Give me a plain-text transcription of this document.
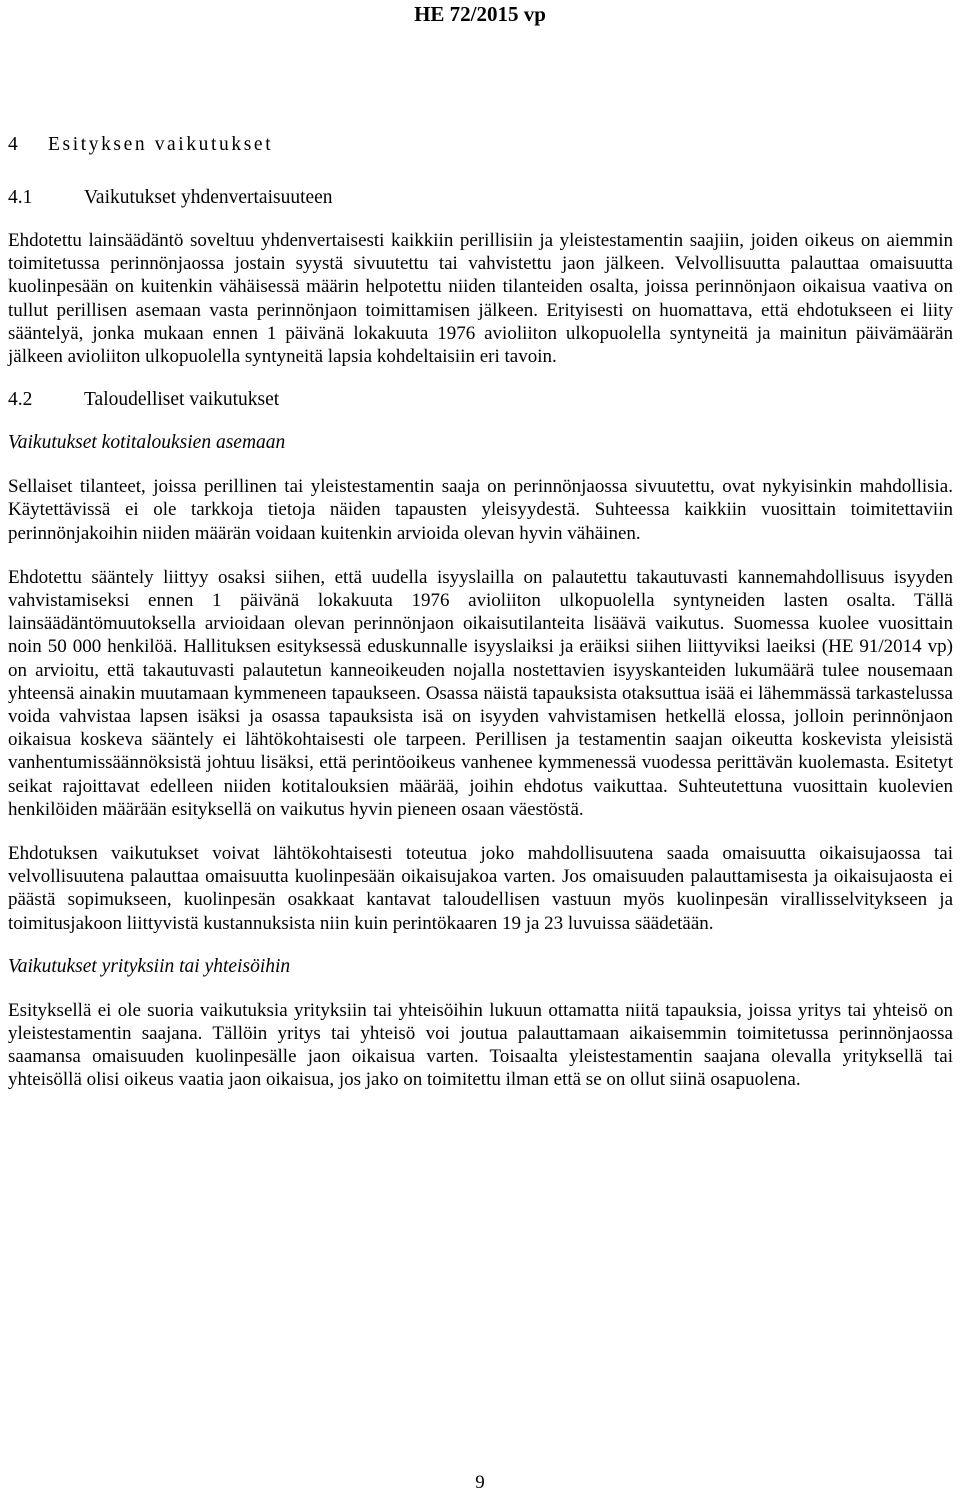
HE 72/2015 vp
4 Esityksen vaikutukset
4.1	Vaikutukset yhdenvertaisuuteen

Ehdotettu lainsäädäntö soveltuu yhdenvertaisesti kaikkiin perillisiin ja yleistestamentin saajiin, joiden oikeus on aiemmin toimitetussa perinnönjaossa jostain syystä sivuutettu tai vahvistettu jaon jälkeen. Velvollisuutta palauttaa omaisuutta kuolinpesään on kuitenkin vähäisessä määrin helpotettu niiden tilanteiden osalta, joissa perinnönjaon oikaisua vaativa on tullut perillisen asemaan vasta perinnönjaon toimittamisen jälkeen. Erityisesti on huomattava, että ehdotukseen ei liity sääntelyä, jonka mukaan ennen 1 päivänä lokakuuta 1976 avioliiton ulkopuolella syntyneitä ja mainitun päivämäärän jälkeen avioliiton ulkopuolella syntyneitä lapsia kohdeltaisiin eri tavoin.

4.2	Taloudelliset vaikutukset
Vaikutukset kotitalouksien asemaan

Sellaiset tilanteet, joissa perillinen tai yleistestamentin saaja on perinnönjaossa sivuutettu, ovat nykyisinkin mahdollisia. Käytettävissä ei ole tarkkoja tietoja näiden tapausten yleisyydestä. Suhteessa kaikkiin vuosittain toimitettaviin perinnönjakoihin niiden määrän voidaan kuitenkin arvioida olevan hyvin vähäinen.

Ehdotettu sääntely liittyy osaksi siihen, että uudella isyyslailla on palautettu takautuvasti kannemahdollisuus isyyden vahvistamiseksi ennen 1 päivänä lokakuuta 1976 avioliiton ulkopuolella syntyneiden lasten osalta. Tällä lainsäädäntömuutoksella arvioidaan olevan perinnönjaon oikaisutilanteita lisäävä vaikutus. Suomessa kuolee vuosittain noin 50 000 henkilöä. Hallituksen esityksessä eduskunnalle isyyslaiksi ja eräiksi siihen liittyviksi laeiksi (HE 91/2014 vp) on arvioitu, että takautuvasti palautetun kanneoikeuden nojalla nostettavien isyyskanteiden lukumäärä tulee nousemaan yhteensä ainakin muutamaan kymmeneen tapaukseen. Osassa näistä tapauksista otaksuttua isää ei lähemmässä tarkastelussa voida vahvistaa lapsen isäksi ja osassa tapauksista isä on isyyden vahvistamisen hetkellä elossa, jolloin perinnönjaon oikaisua koskeva sääntely ei lähtökohtaisesti ole tarpeen. Perillisen ja testamentin saajan oikeutta koskevista yleisistä vanhentumissäännöksistä johtuu lisäksi, että perintöoikeus vanhenee kymmenessä vuodessa perittävän kuolemasta. Esitetyt seikat rajoittavat edelleen niiden kotitalouksien määrää, joihin ehdotus vaikuttaa. Suhteutettuna vuosittain kuolevien henkilöiden määrään esityksellä on vaikutus hyvin pieneen osaan väestöstä.

Ehdotuksen vaikutukset voivat lähtökohtaisesti toteutua joko mahdollisuutena saada omaisuutta oikaisujaossa tai velvollisuutena palauttaa omaisuutta kuolinpesään oikaisujakoa varten. Jos omaisuuden palauttamisesta ja oikaisujaosta ei päästä sopimukseen, kuolinpesän osakkaat kantavat taloudellisen vastuun myös kuolinpesän virallisselvitykseen ja toimitusjakoon liittyvistä kustannuksista niin kuin perintökaaren 19 ja 23 luvuissa säädetään.

Vaikutukset yrityksiin tai yhteisöihin

Esityksellä ei ole suoria vaikutuksia yrityksiin tai yhteisöihin lukuun ottamatta niitä tapauksia, joissa yritys tai yhteisö on yleistestamentin saajana. Tällöin yritys tai yhteisö voi joutua palauttamaan aikaisemmin toimitetussa perinnönjaossa saamansa omaisuuden kuolinpesälle jaon oikaisua varten. Toisaalta yleistestamentin saajana olevalla yrityksellä tai yhteisöllä olisi oikeus vaatia jaon oikaisua, jos jako on toimitettu ilman että se on ollut siinä osapuolena.

9
